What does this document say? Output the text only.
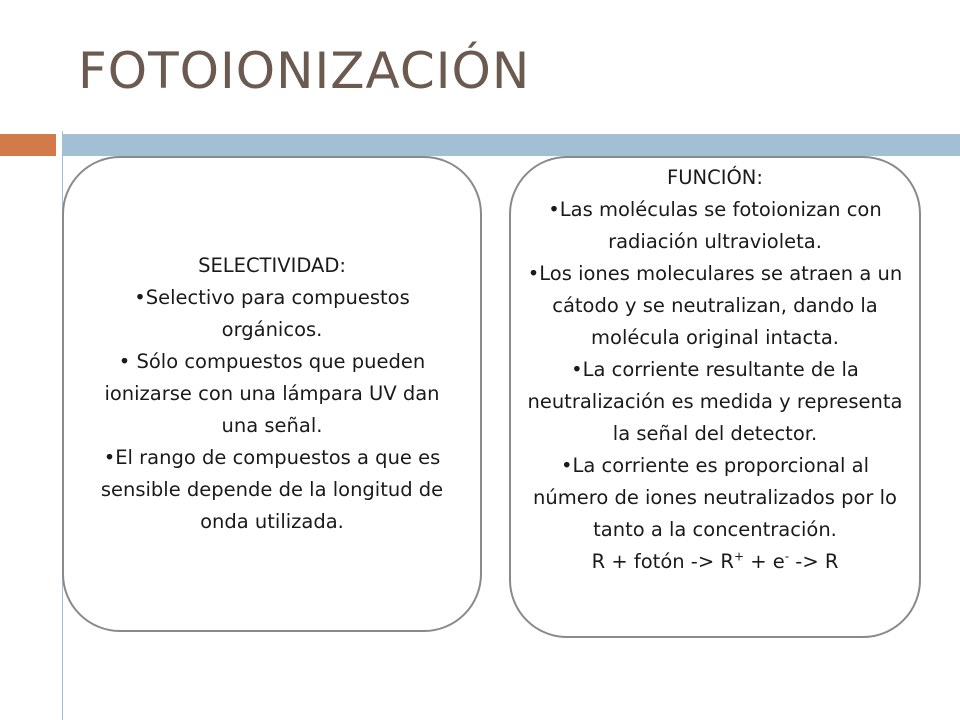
FOTOIONIZACIÓN
SELECTIVIDAD:
•Selectivo para compuestos orgánicos.
• Sólo compuestos que pueden ionizarse con una lámpara UV dan una señal.
•El rango de compuestos a que es sensible depende de la longitud de onda utilizada.
FUNCIÓN:
•Las moléculas se fotoionizan con radiación ultravioleta.
•Los iones moleculares se atraen a un cátodo y se neutralizan, dando la molécula original intacta.
•La corriente resultante de la neutralización es medida y representa la señal del detector.
•La corriente es proporcional al número de iones neutralizados por lo tanto a la concentración.
R + fotón -> R+ + e- -> R
